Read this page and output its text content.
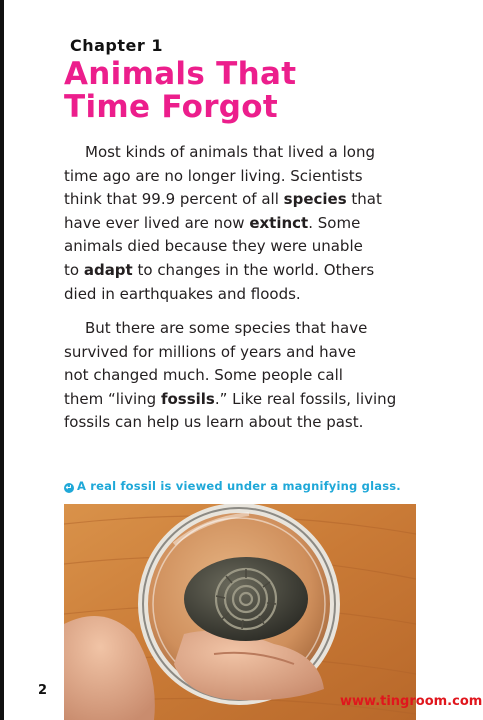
Chapter 1
Animals That
Time Forgot
Most kinds of animals that lived a long
time ago are no longer living. Scientists
think that 99.9 percent of all species that
have ever lived are now extinct. Some
animals died because they were unable
to adapt to changes in the world. Others
died in earthquakes and floods.
But there are some species that have
survived for millions of years and have
not changed much. Some people call
them “living fossils.” Like real fossils, living
fossils can help us learn about the past.
↵ A real fossil is viewed under a magnifying glass.
2
www.tingroom.com
